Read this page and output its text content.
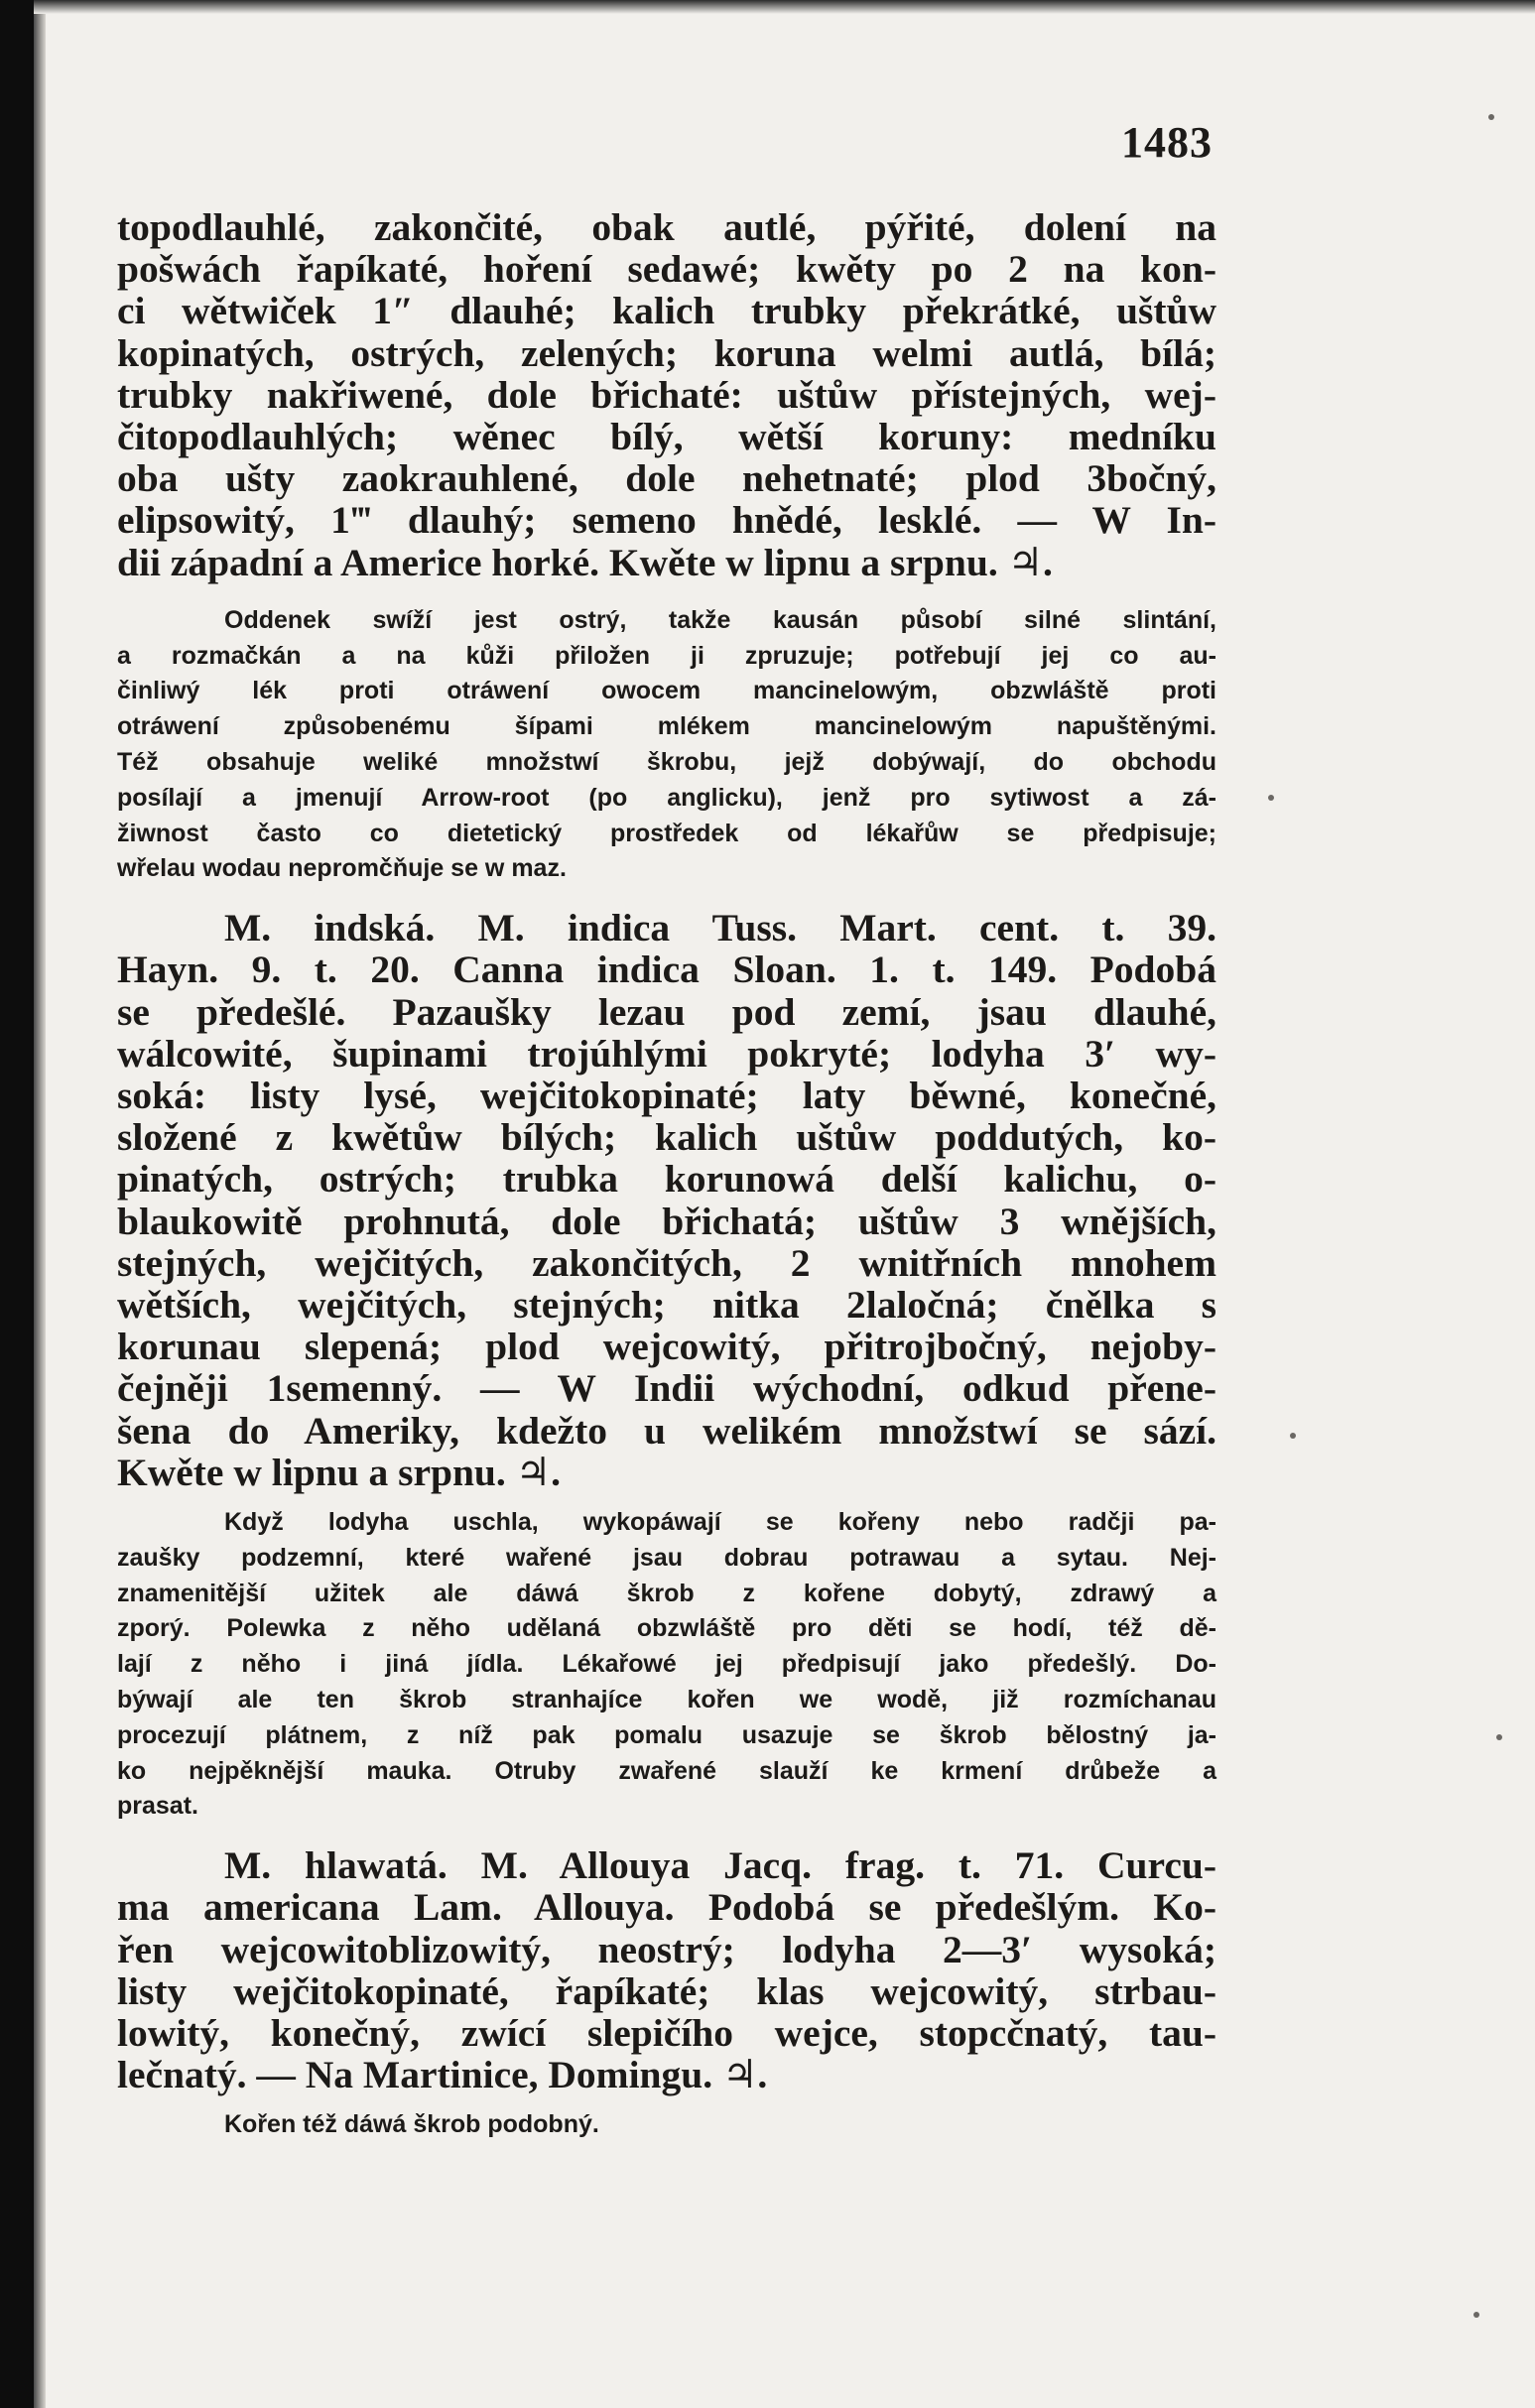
1483
topodlauhlé, zakončité, obak autlé, pýřité, dolení na
pošwách řapíkaté, hoření sedawé; kwěty po 2 na kon-
ci wětwiček 1″ dlauhé; kalich trubky překrátké, uštůw
kopinatých, ostrých, zelených; koruna welmi autlá, bílá;
trubky nakřiwené, dole břichaté: uštůw přístejných, wej-
čitopodlauhlých; wěnec bílý, wětší koruny: medníku
oba ušty zaokrauhlené, dole nehetnaté; plod 3bočný,
elipsowitý, 1‴ dlauhý; semeno hnědé, lesklé. — W In-
dii západní a Americe horké. Kwěte w lipnu a srpnu. ♃.
Oddenek swíží jest ostrý, takže kausán působí silné slintání,
a rozmačkán a na kůži přiložen ji zpruzuje; potřebují jej co au-
činliwý lék proti otráwení owocem mancinelowým, obzwláště proti
otráwení způsobenému šípami mlékem mancinelowým napuštěnými.
Též obsahuje weliké množstwí škrobu, jejž dobýwají, do obchodu
posílají a jmenují Arrow-root (po anglicku), jenž pro sytiwost a zá-
žiwnost často co dietetický prostředek od lékařůw se předpisuje;
wřelau wodau nepromčňuje se w maz.
M. indská. M. indica Tuss. Mart. cent. t. 39.
Hayn. 9. t. 20. Canna indica Sloan. 1. t. 149. Podobá
se předešlé. Pazaušky lezau pod zemí, jsau dlauhé,
wálcowité, šupinami trojúhlými pokryté; lodyha 3′ wy-
soká: listy lysé, wejčitokopinaté; laty běwné, konečné,
složené z kwětůw bílých; kalich uštůw poddutých, ko-
pinatých, ostrých; trubka korunowá delší kalichu, o-
blaukowitě prohnutá, dole břichatá; uštůw 3 wnějších,
stejných, wejčitých, zakončitých, 2 wnitřních mnohem
wětších, wejčitých, stejných; nitka 2laločná; čnělka s
korunau slepená; plod wejcowitý, přitrojbočný, nejoby-
čejněji 1semenný. — W Indii wýchodní, odkud přene-
šena do Ameriky, kdežto u welikém množstwí se sází.
Kwěte w lipnu a srpnu. ♃.
Když lodyha uschla, wykopáwají se kořeny nebo radčji pa-
zaušky podzemní, které wařené jsau dobrau potrawau a sytau. Nej-
znamenitější užitek ale dáwá škrob z kořene dobytý, zdrawý a
zporý. Polewka z něho udělaná obzwláště pro děti se hodí, též dě-
lají z něho i jiná jídla. Lékařowé jej předpisují jako předešlý. Do-
býwají ale ten škrob stranhajíce kořen we wodě, již rozmíchanau
procezují plátnem, z níž pak pomalu usazuje se škrob bělostný ja-
ko nejpěknější mauka. Otruby zwařené slauží ke krmení drůbeže a
prasat.
M. hlawatá. M. Allouya Jacq. frag. t. 71. Curcu-
ma americana Lam. Allouya. Podobá se předešlým. Ko-
řen wejcowitoblizowitý, neostrý; lodyha 2—3′ wysoká;
listy wejčitokopinaté, řapíkaté; klas wejcowitý, strbau-
lowitý, konečný, zwící slepičího wejce, stopcčnatý, tau-
lečnatý. — Na Martinice, Domingu. ♃.
Kořen též dáwá škrob podobný.
